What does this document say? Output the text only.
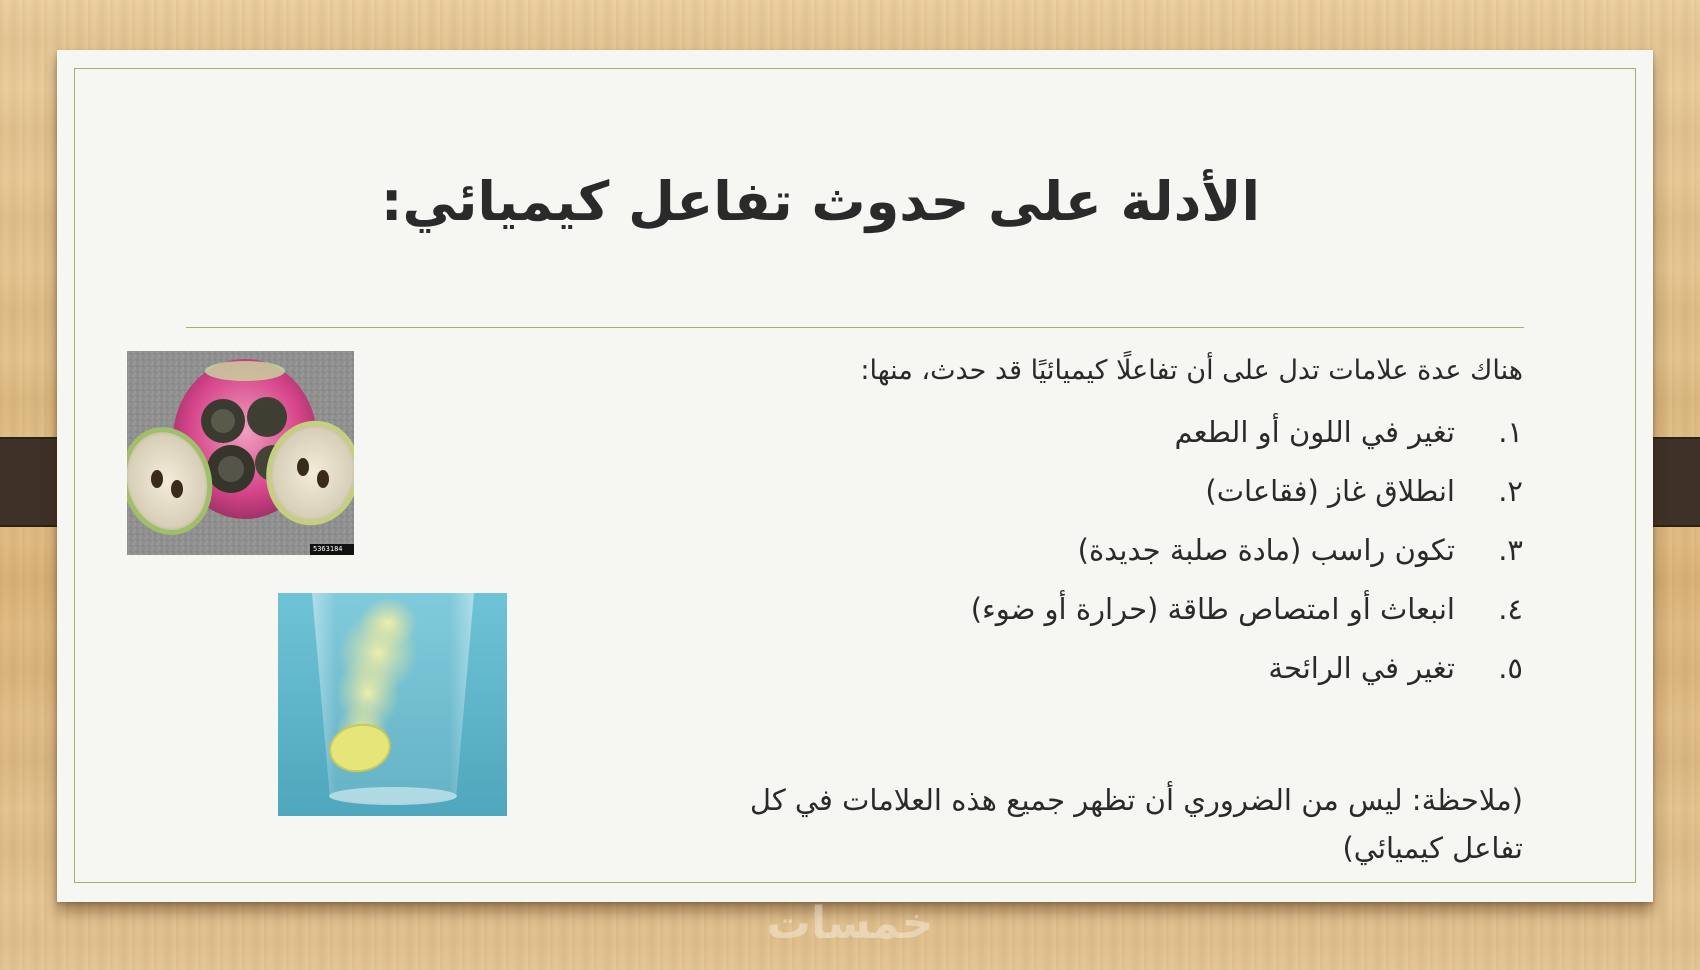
الأدلة على حدوث تفاعل كيميائي:
5363184

هناك عدة علامات تدل على أن تفاعلًا كيميائيًا قد حدث، منها:

١.
تغير في اللون أو الطعم
٢.
انطلاق غاز (فقاعات)
٣.
تكون راسب (مادة صلبة جديدة)
٤.
انبعاث أو امتصاص طاقة (حرارة أو ضوء)
٥.
تغير في الرائحة

(ملاحظة: ليس من الضروري أن تظهر جميع هذه العلامات في كل تفاعل كيميائي)

خمسات
